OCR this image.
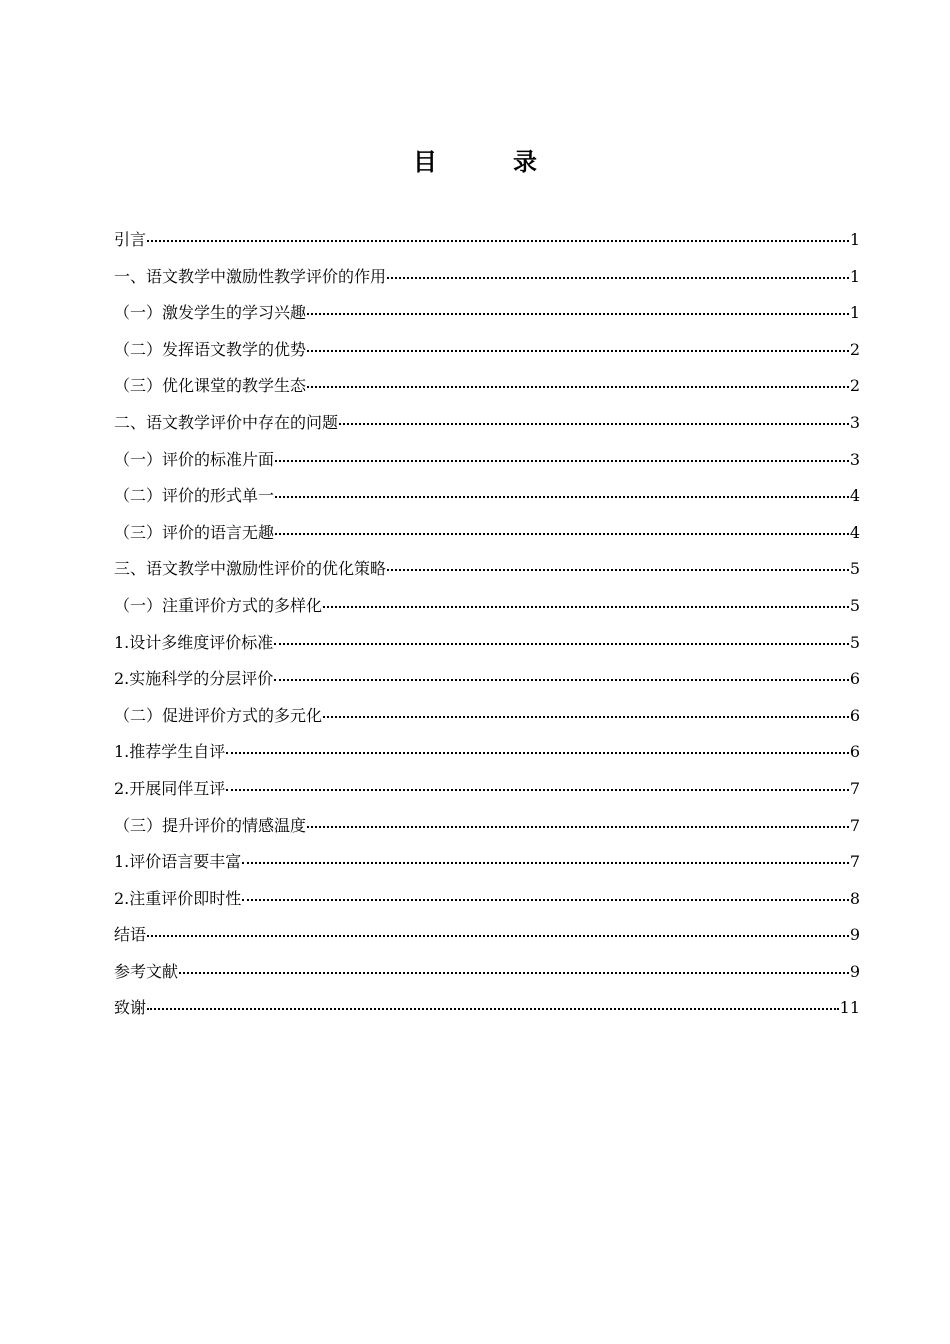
目　录
引言	1
一、语文教学中激励性教学评价的作用	1
（一）激发学生的学习兴趣	1
（二）发挥语文教学的优势	2
（三）优化课堂的教学生态	2
二、语文教学评价中存在的问题	3
（一）评价的标准片面	3
（二）评价的形式单一	4
（三）评价的语言无趣	4
三、语文教学中激励性评价的优化策略	5
（一）注重评价方式的多样化	5
1.设计多维度评价标准	5
2.实施科学的分层评价	6
（二）促进评价方式的多元化	6
1.推荐学生自评	6
2.开展同伴互评	7
（三）提升评价的情感温度	7
1.评价语言要丰富	7
2.注重评价即时性	8
结语	9
参考文献	9
致谢	11
